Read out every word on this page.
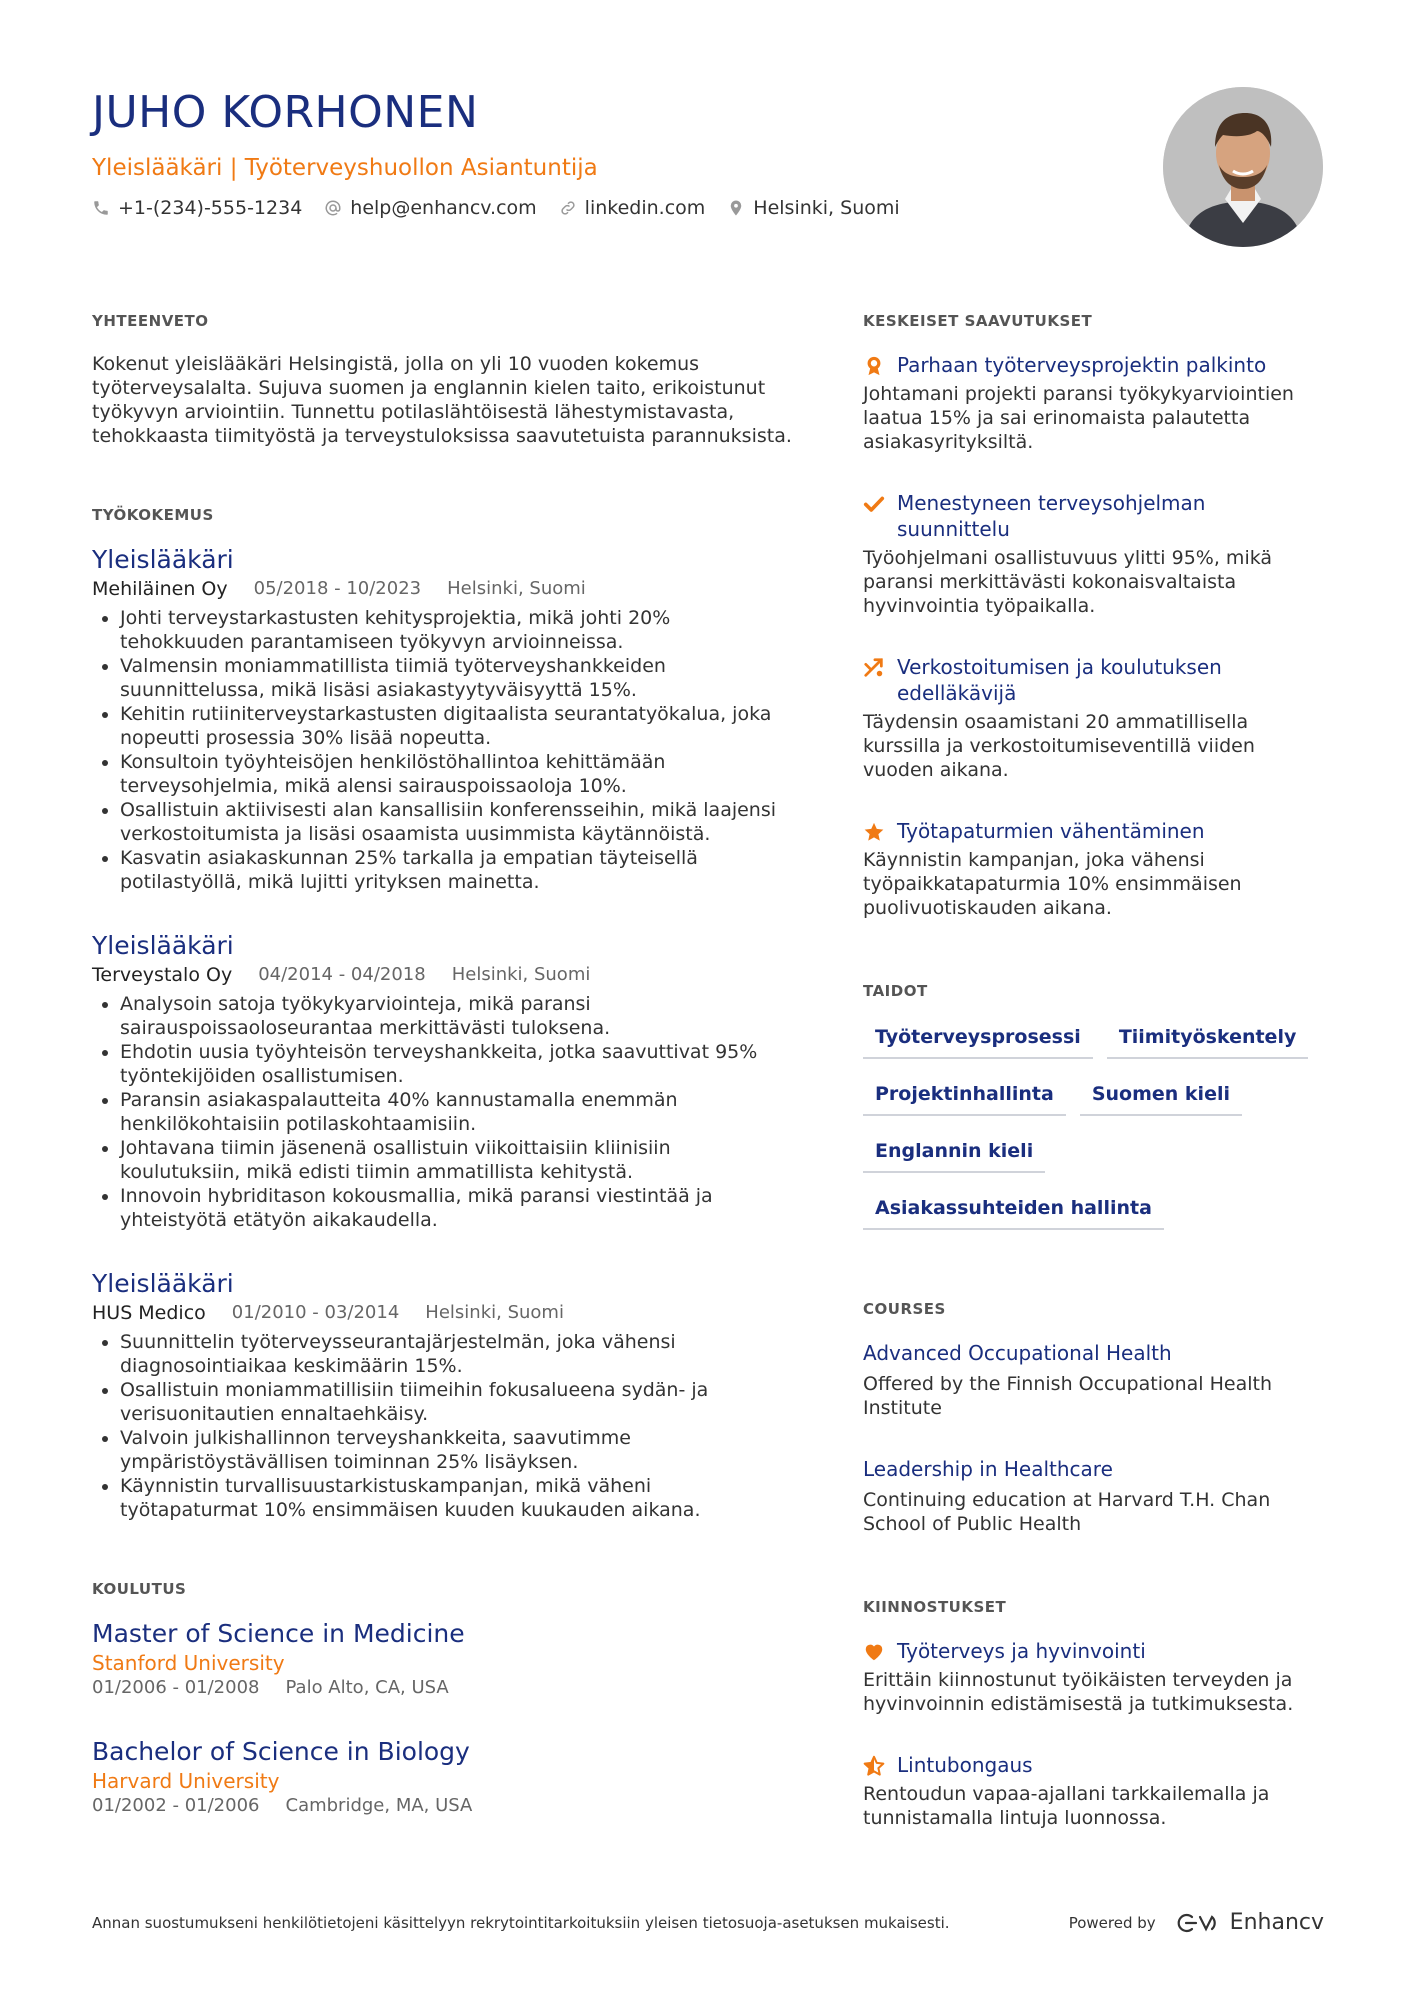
JUHO KORHONEN
Yleislääkäri | Työterveyshuollon Asiantuntija
+1-(234)-555-1234	help@enhancv.com	linkedin.com	Helsinki, Suomi
YHTEENVETO

Kokenut yleislääkäri Helsingistä, jolla on yli 10 vuoden kokemus työterveysalalta. Sujuva suomen ja englannin kielen taito, erikoistunut työkyvyn arviointiin. Tunnettu potilaslähtöisestä lähestymistavasta, tehokkaasta tiimityöstä ja terveystuloksissa saavutetuista parannuksista.

TYÖKOKEMUS
Yleislääkäri
Mehiläinen Oy 05/2018 - 10/2023 Helsinki, Suomi
• Johti terveystarkastusten kehitysprojektia, mikä johti 20% tehokkuuden parantamiseen työkyvyn arvioinneissa.
• Valmensin moniammatillista tiimiä työterveyshankkeiden suunnittelussa, mikä lisäsi asiakastyytyväisyyttä 15%.
• Kehitin rutiiniterveystarkastusten digitaalista seurantatyökalua, joka nopeutti prosessia 30% lisää nopeutta.
• Konsultoin työyhteisöjen henkilöstöhallintoa kehittämään terveysohjelmia, mikä alensi sairauspoissaoloja 10%.
• Osallistuin aktiivisesti alan kansallisiin konferensseihin, mikä laajensi verkostoitumista ja lisäsi osaamista uusimmista käytännöistä.
• Kasvatin asiakaskunnan 25% tarkalla ja empatian täyteisellä potilastyöllä, mikä lujitti yrityksen mainetta.
Yleislääkäri
Terveystalo Oy 04/2014 - 04/2018 Helsinki, Suomi
• Analysoin satoja työkykyarviointeja, mikä paransi sairauspoissaoloseurantaa merkittävästi tuloksena.
• Ehdotin uusia työyhteisön terveyshankkeita, jotka saavuttivat 95% työntekijöiden osallistumisen.
• Paransin asiakaspalautteita 40% kannustamalla enemmän henkilökohtaisiin potilaskohtaamisiin.
• Johtavana tiimin jäsenenä osallistuin viikoittaisiin kliinisiin koulutuksiin, mikä edisti tiimin ammatillista kehitystä.
• Innovoin hybriditason kokousmallia, mikä paransi viestintää ja yhteistyötä etätyön aikakaudella.
Yleislääkäri
HUS Medico 01/2010 - 03/2014 Helsinki, Suomi
• Suunnittelin työterveysseurantajärjestelmän, joka vähensi diagnosointiaikaa keskimäärin 15%.
• Osallistuin moniammatillisiin tiimeihin fokusalueena sydän- ja verisuonitautien ennaltaehkäisy.
• Valvoin julkishallinnon terveyshankkeita, saavutimme ympäristöystävällisen toiminnan 25% lisäyksen.
• Käynnistin turvallisuustarkistuskampanjan, mikä väheni työtapaturmat 10% ensimmäisen kuuden kuukauden aikana.
KOULUTUS
Master of Science in Medicine
Stanford University
01/2006 - 01/2008 Palo Alto, CA, USA
Bachelor of Science in Biology
Harvard University
01/2002 - 01/2006 Cambridge, MA, USA
KESKEISET SAAVUTUKSET
Parhaan työterveysprojektin palkinto
Johtamani projekti paransi työkykyarviointien laatua 15% ja sai erinomaista palautetta asiakasyrityksiltä.
Menestyneen terveysohjelman suunnittelu
Työohjelmani osallistuvuus ylitti 95%, mikä paransi merkittävästi kokonaisvaltaista hyvinvointia työpaikalla.
Verkostoitumisen ja koulutuksen edelläkävijä
Täydensin osaamistani 20 ammatillisella kurssilla ja verkostoitumiseventillä viiden vuoden aikana.
Työtapaturmien vähentäminen
Käynnistin kampanjan, joka vähensi työpaikkatapaturmia 10% ensimmäisen puolivuotiskauden aikana.
TAIDOT
Työterveysprosessi	Tiimityöskentely
Projektinhallinta	Suomen kieli
Englannin kieli
Asiakassuhteiden hallinta
COURSES
Advanced Occupational Health
Offered by the Finnish Occupational Health Institute
Leadership in Healthcare
Continuing education at Harvard T.H. Chan School of Public Health
KIINNOSTUKSET
Työterveys ja hyvinvointi
Erittäin kiinnostunut työikäisten terveyden ja hyvinvoinnin edistämisestä ja tutkimuksesta.
Lintubongaus
Rentoudun vapaa-ajallani tarkkailemalla ja tunnistamalla lintuja luonnossa.
Annan suostumukseni henkilötietojeni käsittelyyn rekrytointitarkoituksiin yleisen tietosuoja-asetuksen mukaisesti.	Powered by	Enhancv
